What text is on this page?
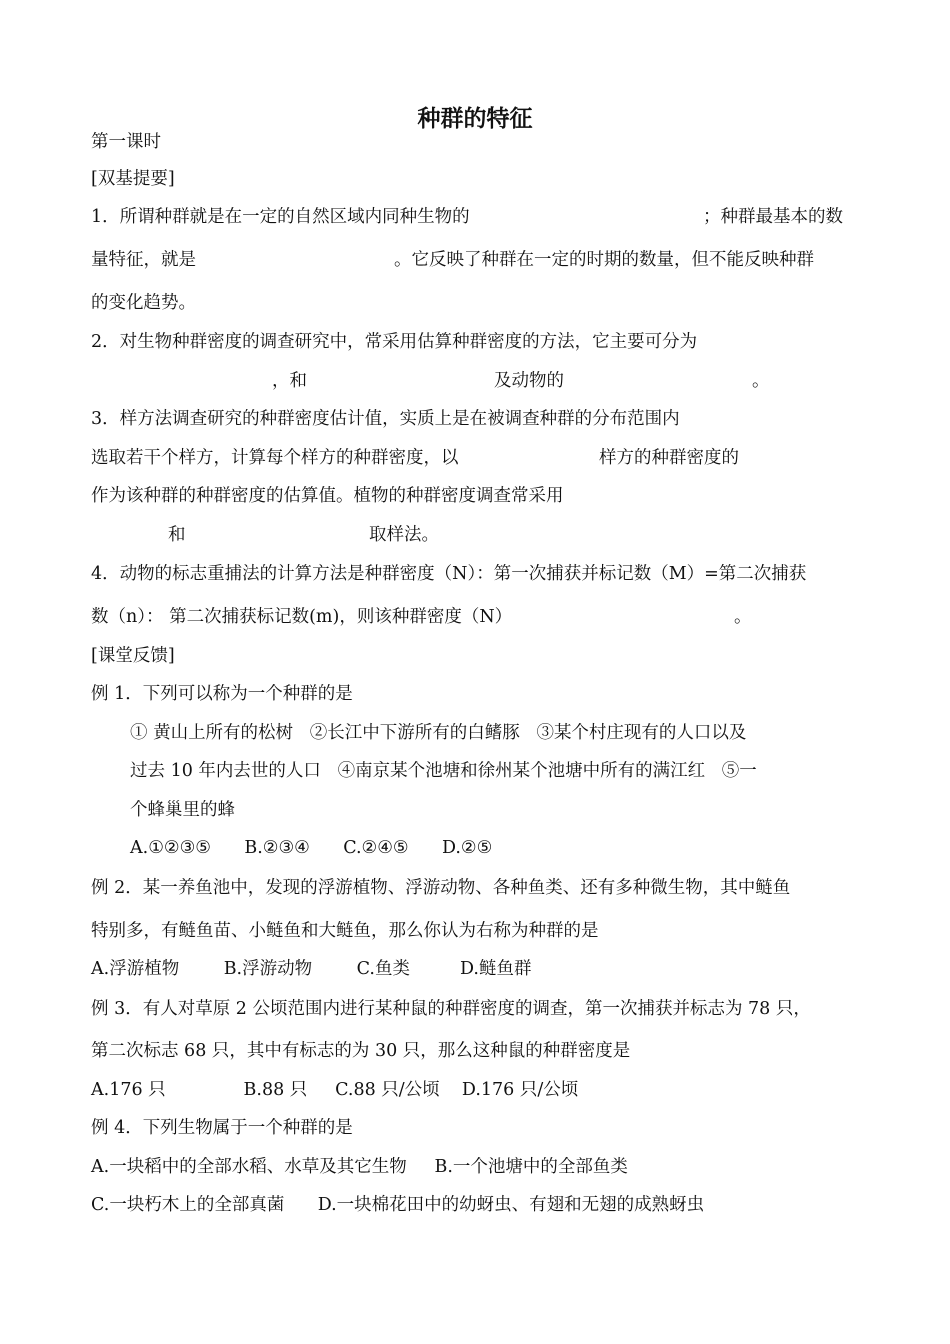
种群的特征
第一课时
[双基提要]
1．所谓种群就是在一定的自然区域内同种生物的	；种群最基本的数
量特征，就是	。它反映了种群在一定的时期的数量，但不能反映种群
的变化趋势。
2．对生物种群密度的调查研究中，常采用估算种群密度的方法，它主要可分为
，和	及动物的	。
3．样方法调查研究的种群密度估计值，实质上是在被调查种群的分布范围内
选取若干个样方，计算每个样方的种群密度，以	样方的种群密度的
作为该种群的种群密度的估算值。植物的种群密度调查常采用
和	取样法。
4．动物的标志重捕法的计算方法是种群密度（N）：第一次捕获并标记数（M）=第二次捕获
数（n）： 第二次捕获标记数(m)，则该种群密度（N）	。
[课堂反馈]
例 1．下列可以称为一个种群的是
① 黄山上所有的松树   ②长江中下游所有的白鳍豚   ③某个村庄现有的人口以及
过去 10 年内去世的人口   ④南京某个池塘和徐州某个池塘中所有的满江红   ⑤一
个蜂巢里的蜂
A.①②③⑤      B.②③④      C.②④⑤      D.②⑤
例 2．某一养鱼池中，发现的浮游植物、浮游动物、各种鱼类、还有多种微生物，其中鲢鱼
特别多，有鲢鱼苗、小鲢鱼和大鲢鱼，那么你认为右称为种群的是
A.浮游植物        B.浮游动物        C.鱼类         D.鲢鱼群
例 3．有人对草原 2 公顷范围内进行某种鼠的种群密度的调查，第一次捕获并标志为 78 只，
第二次标志 68 只，其中有标志的为 30 只，那么这种鼠的种群密度是
A.176 只              B.88 只     C.88 只/公顷    D.176 只/公顷
例 4．下列生物属于一个种群的是
A.一块稻中的全部水稻、水草及其它生物     B.一个池塘中的全部鱼类
C.一块朽木上的全部真菌      D.一块棉花田中的幼蚜虫、有翅和无翅的成熟蚜虫
